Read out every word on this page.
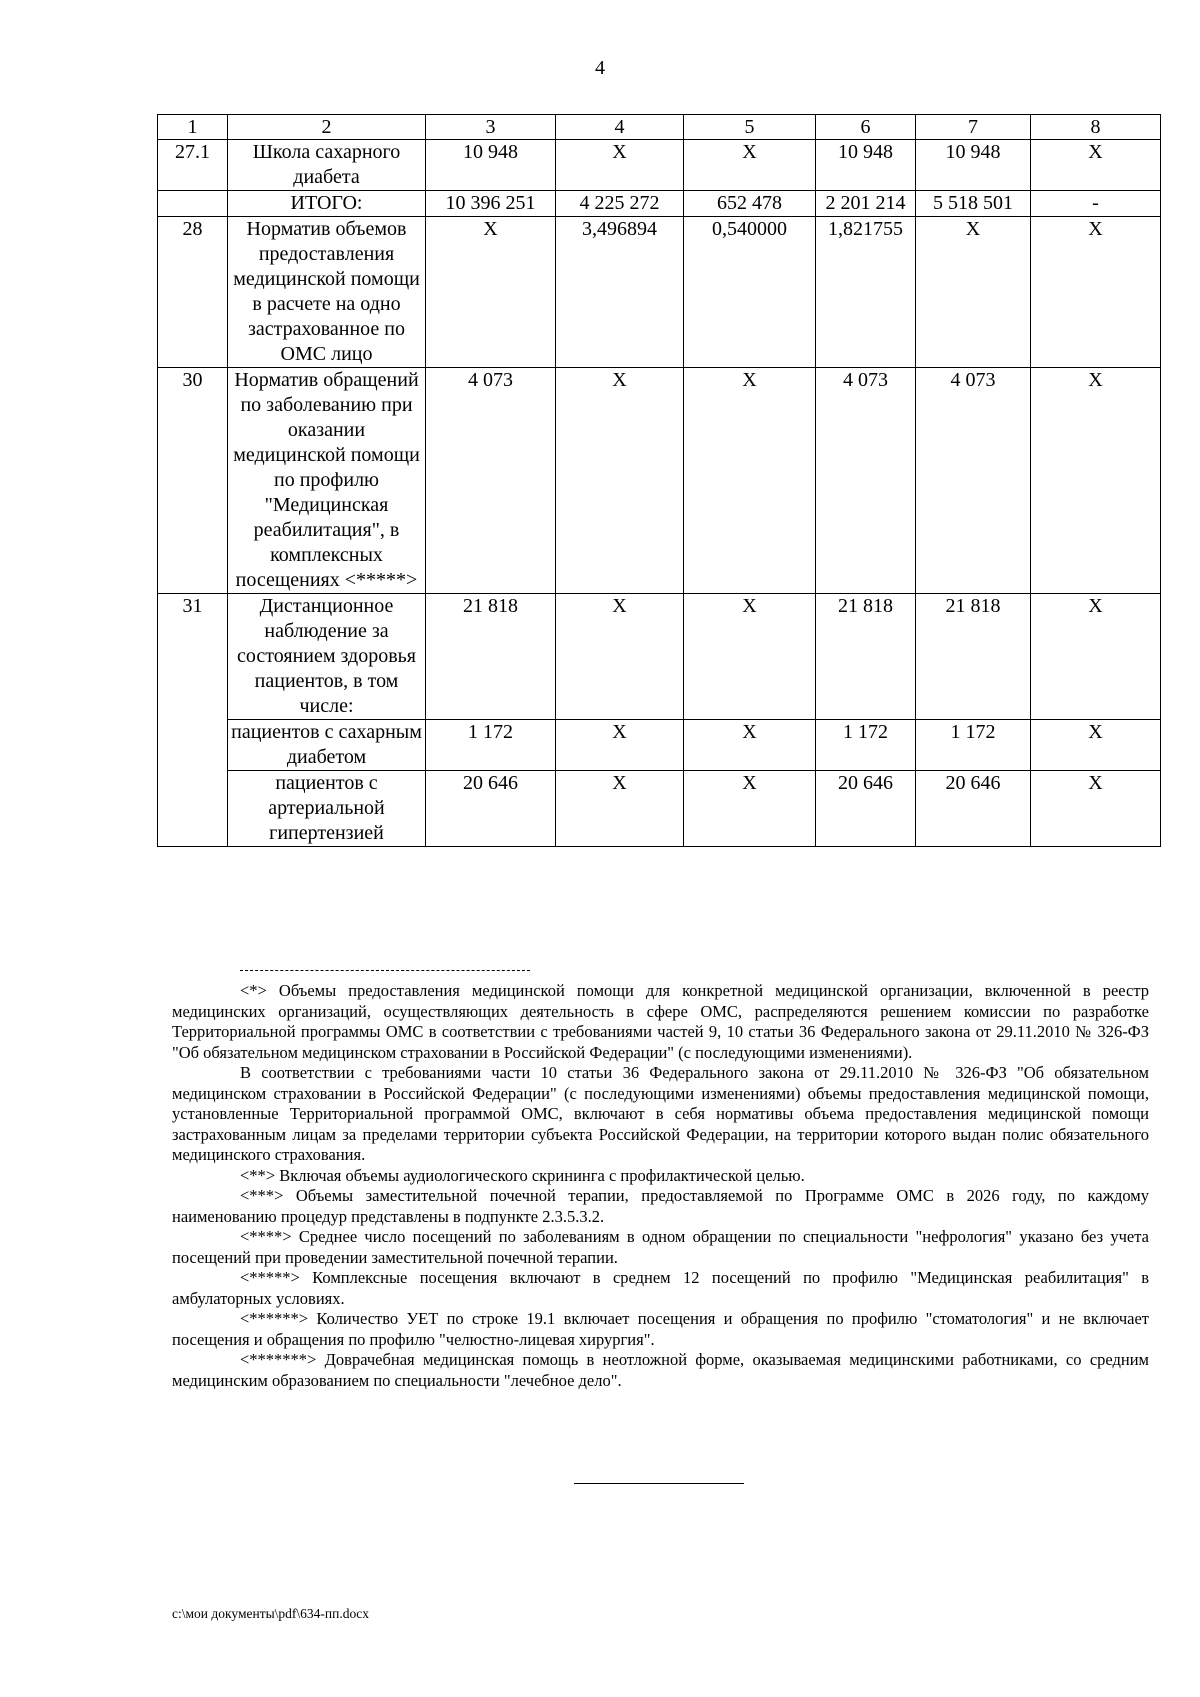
4
1	2	3	4	5	6	7	8
27.1	Школа сахарного диабета	10 948	Х	Х	10 948	10 948	Х
	ИТОГО:	10 396 251	4 225 272	652 478	2 201 214	5 518 501	-
28	Норматив объемов предоставления медицинской помощи в расчете на одно застрахованное по ОМС лицо	Х	3,496894	0,540000	1,821755	Х	Х
30	Норматив обращений по заболеванию при оказании медицинской помощи по профилю "Медицинская реабилитация", в комплексных посещениях <*****>	4 073	Х	Х	4 073	4 073	Х
31	Дистанционное наблюдение за состоянием здоровья пациентов, в том числе:	21 818	Х	Х	21 818	21 818	Х
	пациентов с сахарным диабетом	1 172	Х	Х	1 172	1 172	Х
	пациентов с артериальной гипертензией	20 646	Х	Х	20 646	20 646	Х

<*> Объемы предоставления медицинской помощи для конкретной медицинской организации, включенной в реестр медицинских организаций, осуществляющих деятельность в сфере ОМС, распределяются решением комиссии по разработке Территориальной программы ОМС в соответствии с требованиями частей 9, 10 статьи 36 Федерального закона от 29.11.2010 № 326-ФЗ "Об обязательном медицинском страховании в Российской Федерации" (с последующими изменениями).

В соответствии с требованиями части 10 статьи 36 Федерального закона от 29.11.2010 № 326-ФЗ "Об обязательном медицинском страховании в Российской Федерации" (с последующими изменениями) объемы предоставления медицинской помощи, установленные Территориальной программой ОМС, включают в себя нормативы объема предоставления медицинской помощи застрахованным лицам за пределами территории субъекта Российской Федерации, на территории которого выдан полис обязательного медицинского страхования.

<**> Включая объемы аудиологического скрининга с профилактической целью.

<***> Объемы заместительной почечной терапии, предоставляемой по Программе ОМС в 2026 году, по каждому наименованию процедур представлены в подпункте 2.3.5.3.2.

<****> Среднее число посещений по заболеваниям в одном обращении по специальности "нефрология" указано без учета посещений при проведении заместительной почечной терапии.

<*****> Комплексные посещения включают в среднем 12 посещений по профилю "Медицинская реабилитация" в амбулаторных условиях.

<******> Количество УЕТ по строке 19.1 включает посещения и обращения по профилю "стоматология" и не включает посещения и обращения по профилю "челюстно-лицевая хирургия".

<*******> Доврачебная медицинская помощь в неотложной форме, оказываемая медицинскими работниками, со средним медицинским образованием по специальности "лечебное дело".

c:\мои документы\pdf\634-пп.docx
